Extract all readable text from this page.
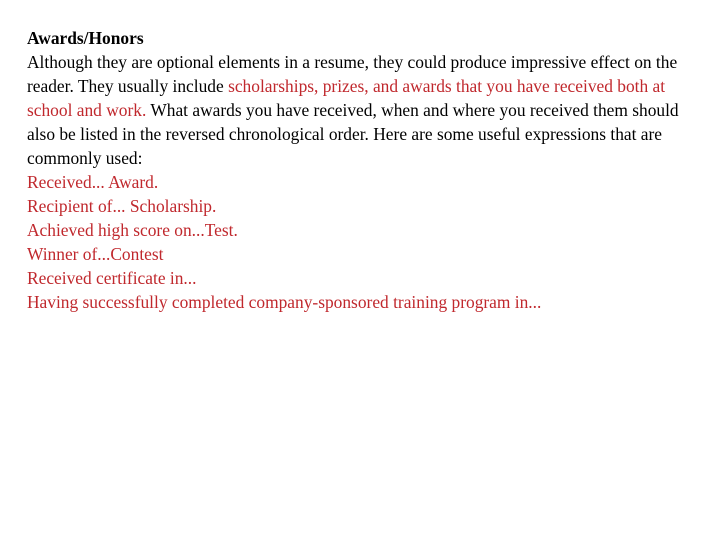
Awards/Honors
Although they are optional elements in a resume, they could produce impressive effect on the reader. They usually include scholarships, prizes, and awards that you have received both at school and work. What awards you have received, when and where you received them should also be listed in the reversed chronological order. Here are some useful expressions that are commonly used:
Received... Award.
Recipient of... Scholarship.
Achieved high score on...Test.
Winner of...Contest
Received certificate in...
Having successfully completed company-sponsored training program in...
